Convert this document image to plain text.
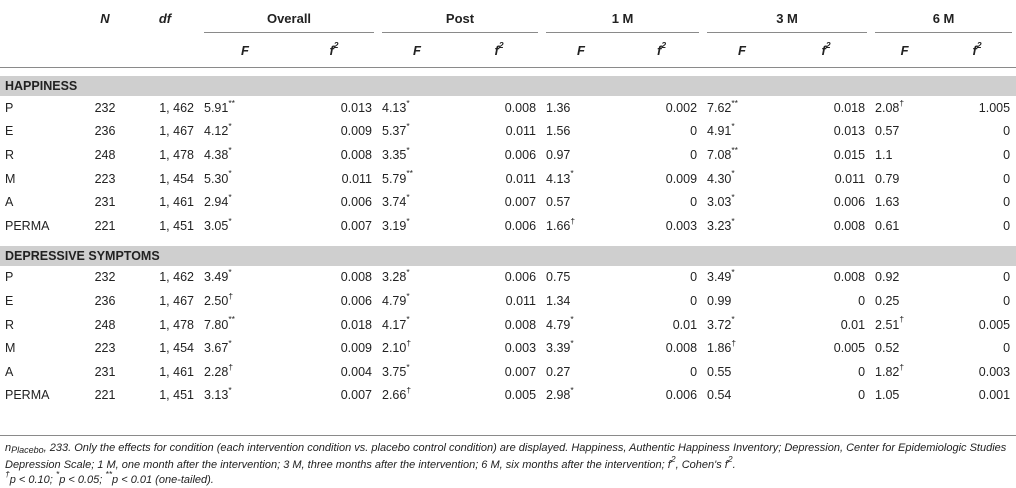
	N	df	Overall		Post		1 M		3 M		6 M	
			F	$f^2$	F	$f^2$	F	$f^2$	F	$f^2$	F	$f^2$

HAPPINESS												
P	232	1, 462	5.91**	0.013	4.13*	0.008	1.36	0.002	7.62**	0.018	2.08†	1.005
E	236	1, 467	4.12*	0.009	5.37*	0.011	1.56	0	4.91*	0.013	0.57	0
R	248	1, 478	4.38*	0.008	3.35*	0.006	0.97	0	7.08**	0.015	1.1	0
M	223	1, 454	5.30*	0.011	5.79**	0.011	4.13*	0.009	4.30*	0.011	0.79	0
A	231	1, 461	2.94*	0.006	3.74*	0.007	0.57	0	3.03*	0.006	1.63	0
PERMA	221	1, 451	3.05*	0.007	3.19*	0.006	1.66†	0.003	3.23*	0.008	0.61	0

DEPRESSIVE SYMPTOMS												
P	232	1, 462	3.49*	0.008	3.28*	0.006	0.75	0	3.49*	0.008	0.92	0
E	236	1, 467	2.50†	0.006	4.79*	0.011	1.34	0	0.99	0	0.25	0
R	248	1, 478	7.80**	0.018	4.17*	0.008	4.79*	0.01	3.72*	0.01	2.51†	0.005
M	223	1, 454	3.67*	0.009	2.10†	0.003	3.39*	0.008	1.86†	0.005	0.52	0
A	231	1, 461	2.28†	0.004	3.75*	0.007	0.27	0	0.55	0	1.82†	0.003
PERMA	221	1, 451	3.13*	0.007	2.66†	0.005	2.98*	0.006	0.54	0	1.05	0.001

$n_{Placebo}$, 233. Only the effects for condition (each intervention condition vs. placebo control condition) are displayed. Happiness, Authentic Happiness Inventory; Depression, Center for Epidemiologic Studies Depression Scale; 1 M, one month after the intervention; 3 M, three months after the intervention; 6 M, six months after the intervention; $f^2$, Cohen's $f^2$.

†p < 0.10; *p < 0.05; **p < 0.01 (one-tailed).
